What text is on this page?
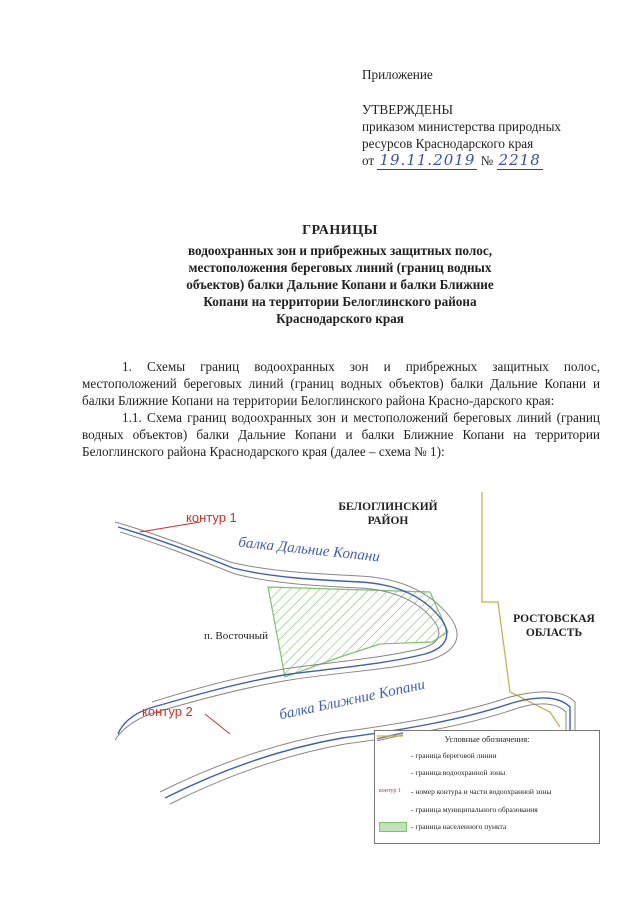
Приложение
УТВЕРЖДЕНЫ
приказом министерства природных
ресурсов Краснодарского края
от 19.11.2019 № 2218
ГРАНИЦЫ
водоохранных зон и прибрежных защитных полос,
местоположения береговых линий (границ водных
объектов) балки Дальние Копани и балки Ближние
Копани на территории Белоглинского района
Краснодарского края

1. Схемы границ водоохранных зон и прибрежных защитных полос, местоположений береговых линий (границ водных объектов) балки Дальние Копани и балки Ближние Копани на территории Белоглинского района Красно-дарского края:

1.1. Схема границ водоохранных зон и местоположений береговых линий (границ водных объектов) балки Дальние Копани и балки Ближние Копани на территории Белоглинского района Краснодарского края (далее – схема № 1):

БЕЛОГЛИНСКИЙ
РАЙОН
РОСТОВСКАЯ
ОБЛАСТЬ
п. Восточный
контур 1
контур 2
балка Дальние Копани
балка Ближние Копани
Условные обозначения:
- граница береговой линии
- граница водоохранной зоны
контур 1	- номер контура и части водоохранной зоны
- граница муниципального образования
- граница населенного пункта
